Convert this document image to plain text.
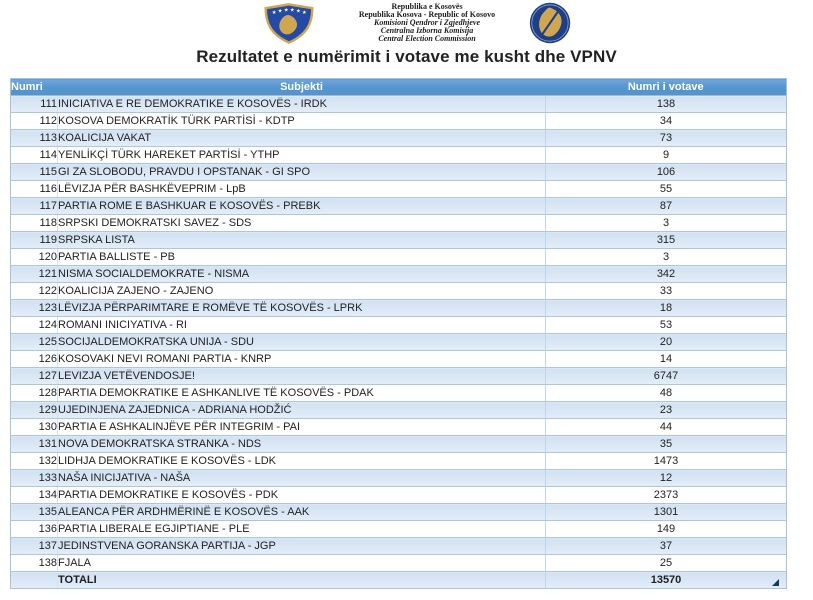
★ ★ ★ ★ ★ ★
Republika e Kosovës
Republika Kosova - Republic of Kosovo
Komisioni Qendror i Zgjedhjeve
Centralna Izborna Komisija
Central Election Commission
Rezultatet e numërimit i votave me kusht dhe VPNV
Numri	Subjekti	Numri i votave
111	INICIATIVA E RE DEMOKRATIKE E KOSOVËS - IRDK	138
112	KOSOVA DEMOKRATİK TÜRK PARTİSİ - KDTP	34
113	KOALICIJA VAKAT	73
114	YENLİKÇİ TÜRK HAREKET PARTİSİ - YTHP	9
115	GI ZA SLOBODU, PRAVDU I OPSTANAK - GI SPO	106
116	LËVIZJA PËR BASHKËVEPRIM - LpB	55
117	PARTIA ROME E BASHKUAR E KOSOVËS - PREBK	87
118	SRPSKI DEMOKRATSKI SAVEZ - SDS	3
119	SRPSKA LISTA	315
120	PARTIA BALLISTE - PB	3
121	NISMA SOCIALDEMOKRATE - NISMA	342
122	KOALICIJA ZAJENO - ZAJENO	33
123	LËVIZJA PËRPARIMTARE E ROMËVE TË KOSOVËS - LPRK	18
124	ROMANI INICIYATIVA - RI	53
125	SOCIJALDEMOKRATSKA UNIJA - SDU	20
126	KOSOVAKI NEVI ROMANI PARTIA - KNRP	14
127	LEVIZJA VETËVENDOSJE!	6747
128	PARTIA DEMOKRATIKE E ASHKANLIVE TË KOSOVËS - PDAK	48
129	UJEDINJENA ZAJEDNICA - ADRIANA HODŽIĆ	23
130	PARTIA E ASHKALINJËVE PËR INTEGRIM - PAI	44
131	NOVA DEMOKRATSKA STRANKA - NDS	35
132	LIDHJA DEMOKRATIKE E KOSOVËS - LDK	1473
133	NAŠA INICIJATIVA - NAŠA	12
134	PARTIA DEMOKRATIKE E KOSOVËS - PDK	2373
135	ALEANCA PËR ARDHMËRINË E KOSOVËS - AAK	1301
136	PARTIA LIBERALE EGJIPTIANE - PLE	149
137	JEDINSTVENA GORANSKA PARTIJA - JGP	37
138	FJALA	25
	TOTALI	13570
